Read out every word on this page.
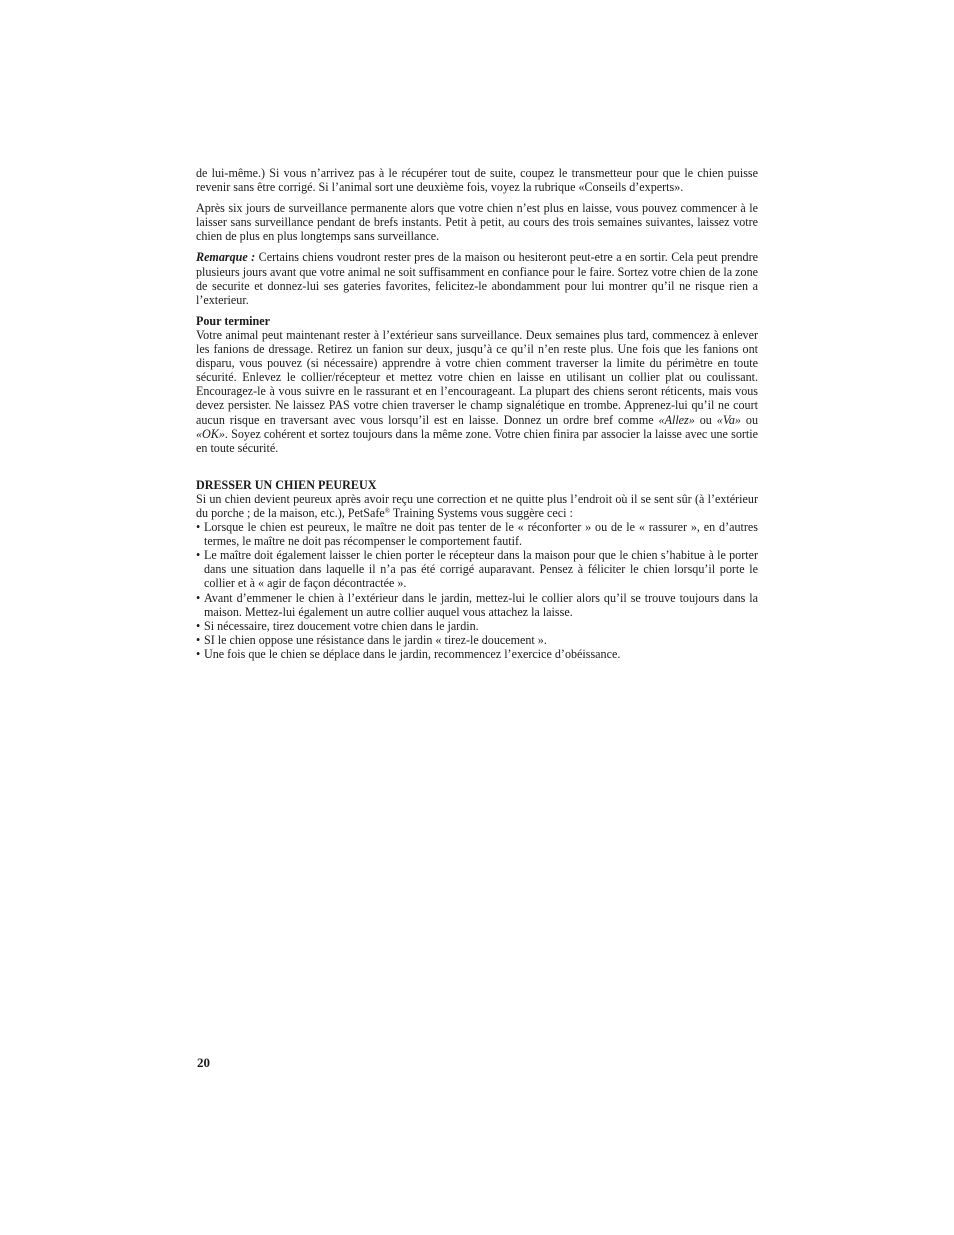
de lui-même.) Si vous n’arrivez pas à le récupérer tout de suite, coupez le transmetteur pour que le chien puisse revenir sans être corrigé. Si l’animal sort une deuxième fois, voyez la rubrique «Conseils d’experts».

Après six jours de surveillance permanente alors que votre chien n’est plus en laisse, vous pouvez commencer à le laisser sans surveillance pendant de brefs instants. Petit à petit, au cours des trois semaines suivantes, laissez votre chien de plus en plus longtemps sans surveillance.

Remarque : Certains chiens voudront rester pres de la maison ou hesiteront peut-etre a en sortir. Cela peut prendre plusieurs jours avant que votre animal ne soit suffisamment en confiance pour le faire. Sortez votre chien de la zone de securite et donnez-lui ses gateries favorites, felicitez-le abondamment pour lui montrer qu’il ne risque rien a l’exterieur.

Pour terminer

Votre animal peut maintenant rester à l’extérieur sans surveillance. Deux semaines plus tard, commencez à enlever les fanions de dressage. Retirez un fanion sur deux, jusqu’à ce qu’il n’en reste plus. Une fois que les fanions ont disparu, vous pouvez (si nécessaire) apprendre à votre chien comment traverser la limite du périmètre en toute sécurité. Enlevez le collier/récepteur et mettez votre chien en laisse en utilisant un collier plat ou coulissant. Encouragez-le à vous suivre en le rassurant et en l’encourageant. La plupart des chiens seront réticents, mais vous devez persister. Ne laissez PAS votre chien traverser le champ signalétique en trombe. Apprenez-lui qu’il ne court aucun risque en traversant avec vous lorsqu’il est en laisse. Donnez un ordre bref comme «Allez» ou «Va» ou «OK». Soyez cohérent et sortez toujours dans la même zone. Votre chien finira par associer la laisse avec une sortie en toute sécurité.

DRESSER UN CHIEN PEUREUX

Si un chien devient peureux après avoir reçu une correction et ne quitte plus l’endroit où il se sent sûr (à l’extérieur du porche ; de la maison, etc.), PetSafe® Training Systems vous suggère ceci :

• Lorsque le chien est peureux, le maître ne doit pas tenter de le « réconforter » ou de le « rassurer », en d’autres termes, le maître ne doit pas récompenser le comportement fautif.
• Le maître doit également laisser le chien porter le récepteur dans la maison pour que le chien s’habitue à le porter dans une situation dans laquelle il n’a pas été corrigé auparavant. Pensez à féliciter le chien lorsqu’il porte le collier et à « agir de façon décontractée ».
• Avant d’emmener le chien à l’extérieur dans le jardin, mettez-lui le collier alors qu’il se trouve toujours dans la maison. Mettez-lui également un autre collier auquel vous attachez la laisse.
• Si nécessaire, tirez doucement votre chien dans le jardin.
• SI le chien oppose une résistance dans le jardin « tirez-le doucement ».
• Une fois que le chien se déplace dans le jardin, recommencez l’exercice d’obéissance.
20
